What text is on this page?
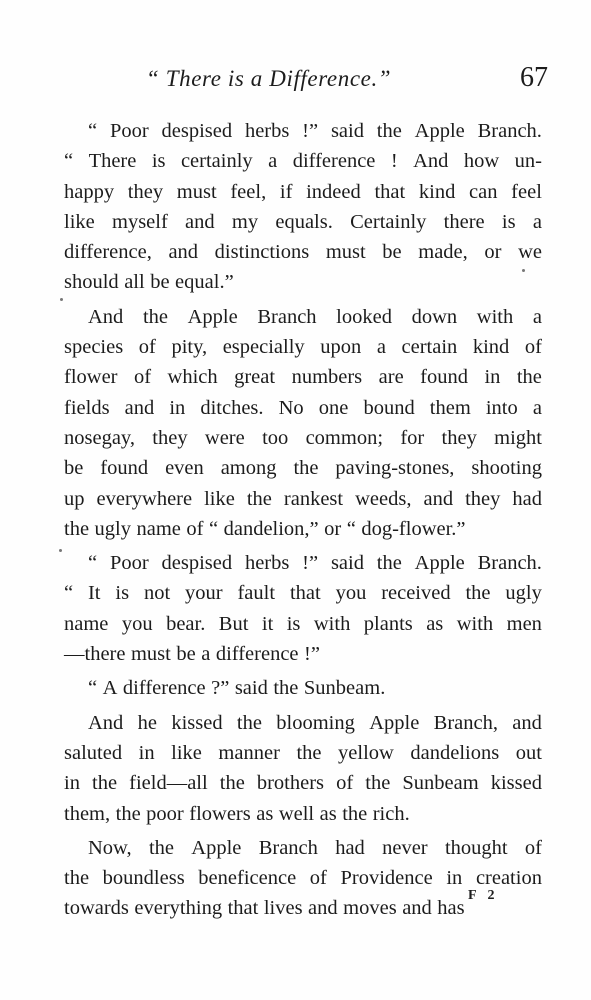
“ There is a Difference.”	67
“ Poor despised herbs !” said the Apple Branch.
“ There is certainly a difference ! And how un-
happy they must feel, if indeed that kind can feel
like myself and my equals. Certainly there is a
difference, and distinctions must be made, or we
should all be equal.”
And the Apple Branch looked down with a
species of pity, especially upon a certain kind of
flower of which great numbers are found in the
fields and in ditches. No one bound them into a
nosegay, they were too common; for they might
be found even among the paving-stones, shooting
up everywhere like the rankest weeds, and they had
the ugly name of “ dandelion,” or “ dog-flower.”
“ Poor despised herbs !” said the Apple Branch.
“ It is not your fault that you received the ugly
name you bear. But it is with plants as with men
—there must be a difference !”
“ A difference ?” said the Sunbeam.
And he kissed the blooming Apple Branch, and
saluted in like manner the yellow dandelions out
in the field—all the brothers of the Sunbeam kissed
them, the poor flowers as well as the rich.
Now, the Apple Branch had never thought of
the boundless beneficence of Providence in creation
towards everything that lives and moves and has
F 2
